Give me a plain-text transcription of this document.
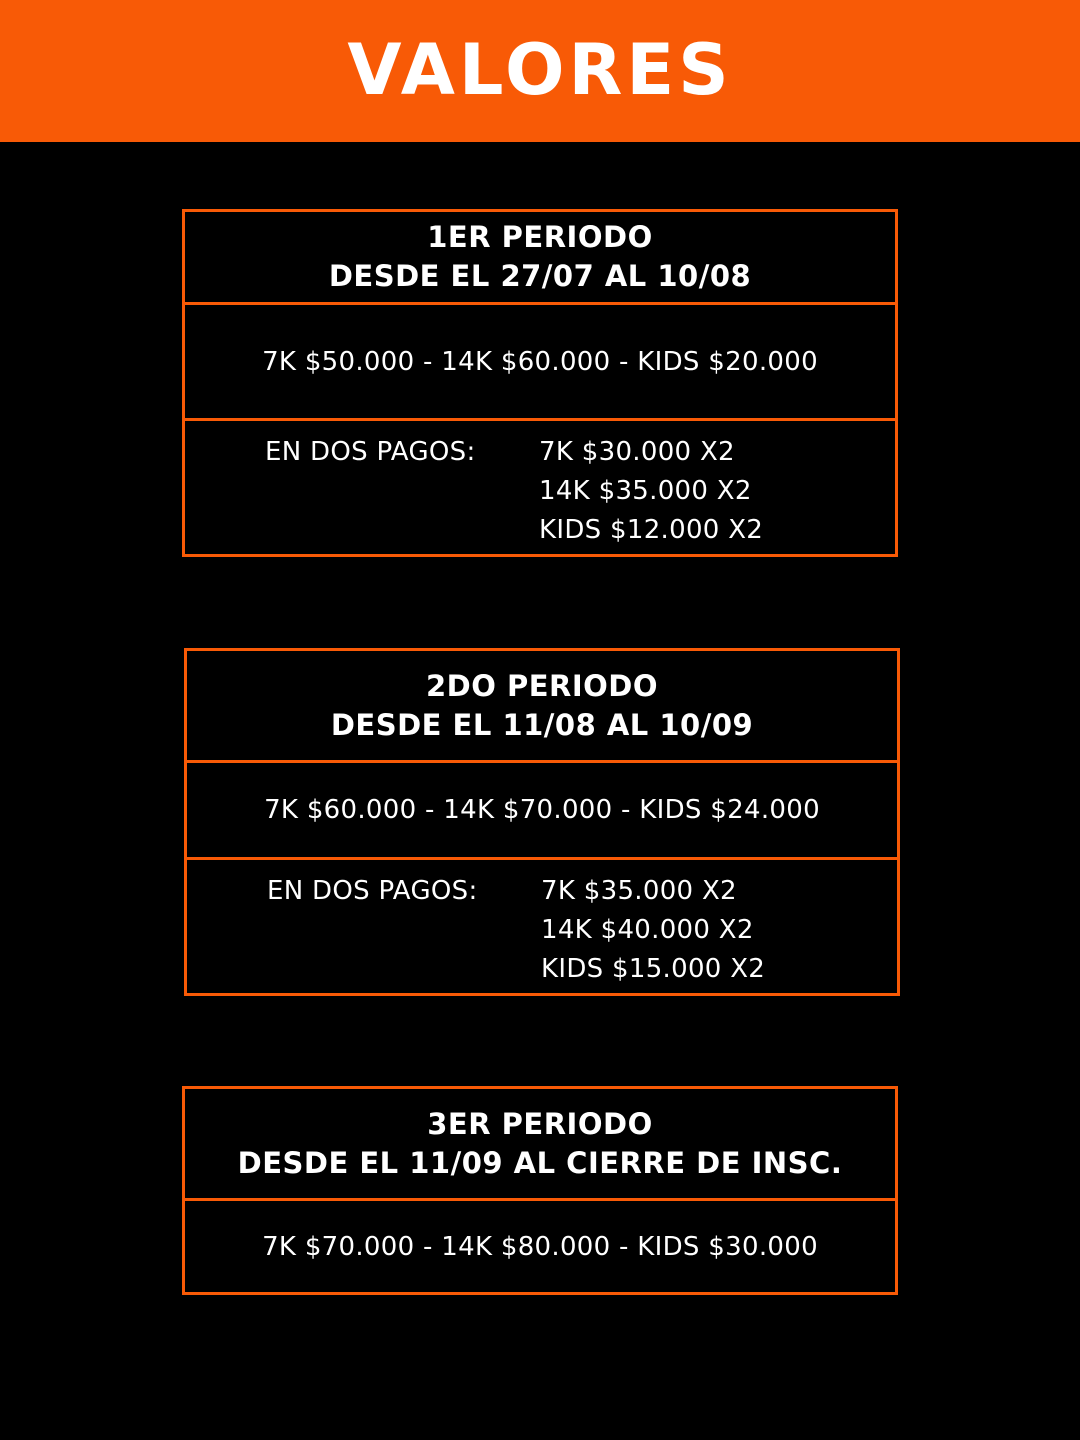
VALORES
1ER PERIODO
DESDE EL 27/07 AL 10/08
7K $50.000 - 14K $60.000 - KIDS $20.000
EN DOS PAGOS: 7K $30.000 X2
14K $35.000 X2
KIDS $12.000 X2
2DO PERIODO
DESDE EL 11/08 AL 10/09
7K $60.000 - 14K $70.000 - KIDS $24.000
EN DOS PAGOS: 7K $35.000 X2
14K $40.000 X2
KIDS $15.000 X2
3ER PERIODO
DESDE EL 11/09 AL CIERRE DE INSC.
7K $70.000 - 14K $80.000 - KIDS $30.000
